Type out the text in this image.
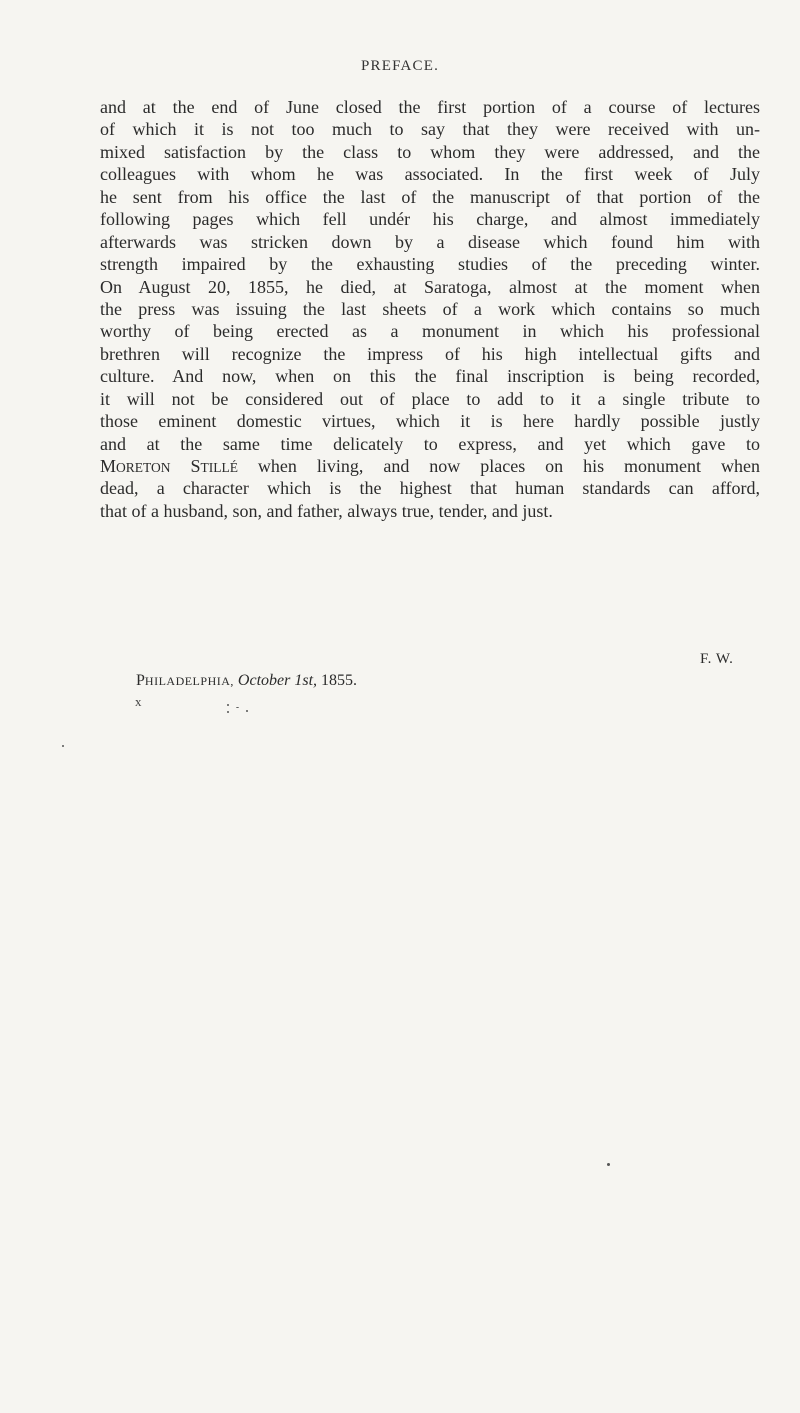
PREFACE.
and at the end of June closed the first portion of a course of lectures
of which it is not too much to say that they were received with un-
mixed satisfaction by the class to whom they were addressed, and the
colleagues with whom he was associated. In the first week of July
he sent from his office the last of the manuscript of that portion of the
following pages which fell undér his charge, and almost immediately
afterwards was stricken down by a disease which found him with
strength impaired by the exhausting studies of the preceding winter.
On August 20, 1855, he died, at Saratoga, almost at the moment when
the press was issuing the last sheets of a work which contains so much
worthy of being erected as a monument in which his professional
brethren will recognize the impress of his high intellectual gifts and
culture. And now, when on this the final inscription is being recorded,
it will not be considered out of place to add to it a single tribute to
those eminent domestic virtues, which it is here hardly possible justly
and at the same time delicately to express, and yet which gave to
MORETON STILLÉ when living, and now places on his monument when
dead, a character which is the highest that human standards can afford,
that of a husband, son, and father, always true, tender, and just.
F. W.
PHILADELPHIA, October 1st, 1855.
x
